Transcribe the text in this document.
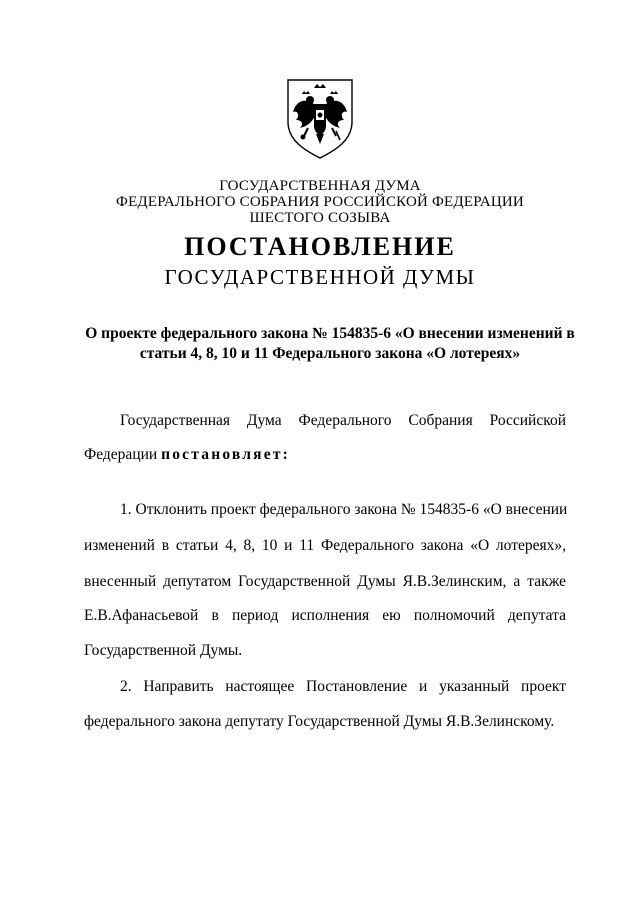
ГОСУДАРСТВЕННАЯ ДУМА
ФЕДЕРАЛЬНОГО СОБРАНИЯ РОССИЙСКОЙ ФЕДЕРАЦИИ
ШЕСТОГО СОЗЫВА
ПОСТАНОВЛЕНИЕ
ГОСУДАРСТВЕННОЙ ДУМЫ
О проекте федерального закона № 154835-6 «О внесении изменений в
статьи 4, 8, 10 и 11 Федерального закона «О лотереях»
Государственная Дума Федерального Собрания Российской
Федерации постановляет:
1. Отклонить проект федерального закона № 154835-6 «О внесении
изменений в статьи 4, 8, 10 и 11 Федерального закона «О лотереях»,
внесенный депутатом Государственной Думы Я.В.Зелинским, а также
Е.В.Афанасьевой в период исполнения ею полномочий депутата
Государственной Думы.
2. Направить настоящее Постановление и указанный проект
федерального закона депутату Государственной Думы Я.В.Зелинскому.
